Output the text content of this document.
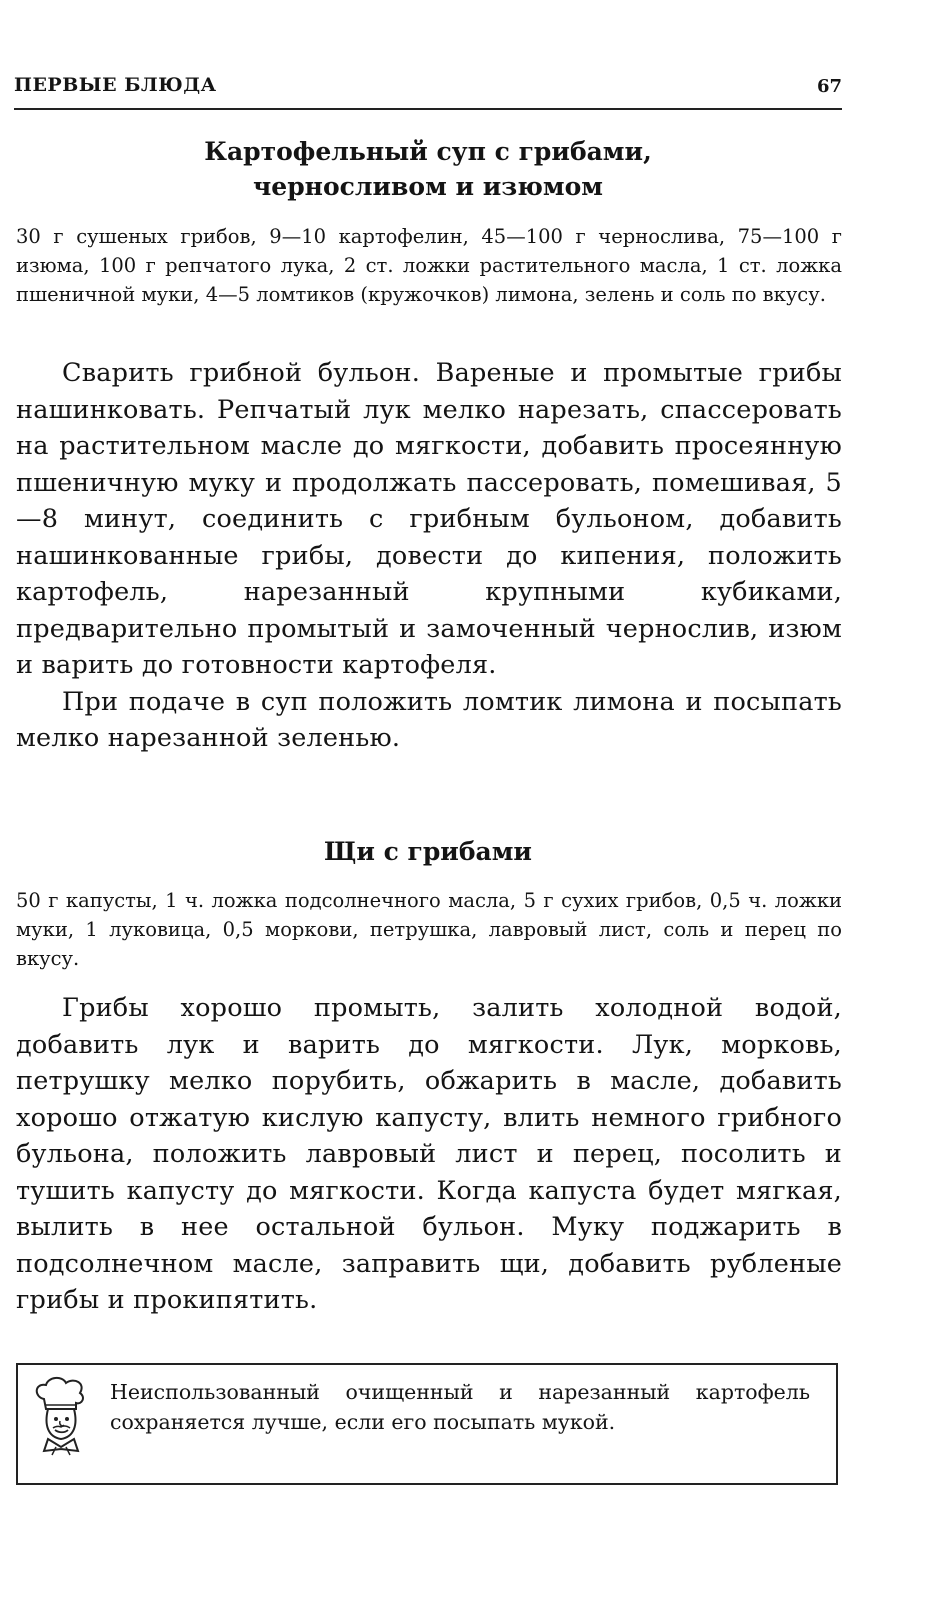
ПЕРВЫЕ БЛЮДА	67
Картофельный суп с грибами,
черносливом и изюмом
30 г сушеных грибов, 9—10 картофелин, 45—100 г чернослива, 75—100 г изюма, 100 г репчатого лука, 2 ст. ложки растительного масла, 1 ст. ложка пшеничной муки, 4—5 ломтиков (кружочков) лимона, зелень и соль по вкусу.

Сварить грибной бульон. Вареные и промытые грибы нашинковать. Репчатый лук мелко нарезать, спассеровать на растительном масле до мягкости, добавить просеянную пшеничную муку и продолжать пассеровать, помешивая, 5—8 минут, соединить с грибным бульоном, добавить нашинкованные грибы, довести до кипения, положить картофель, нарезанный крупными кубиками, предварительно промытый и замоченный чернослив, изюм и варить до готовности картофеля.

При подаче в суп положить ломтик лимона и посыпать мелко нарезанной зеленью.

Щи с грибами
50 г капусты, 1 ч. ложка подсолнечного масла, 5 г сухих грибов, 0,5 ч. ложки муки, 1 луковица, 0,5 моркови, петрушка, лавровый лист, соль и перец по вкусу.

Грибы хорошо промыть, залить холодной водой, добавить лук и варить до мягкости. Лук, морковь, петрушку мелко порубить, обжарить в масле, добавить хорошо отжатую кислую капусту, влить немного грибного бульона, положить лавровый лист и перец, посолить и тушить капусту до мягкости. Когда капуста будет мягкая, вылить в нее остальной бульон. Муку поджарить в подсолнечном масле, заправить щи, добавить рубленые грибы и прокипятить.

Неиспользованный очищенный и нарезанный картофель сохраняется лучше, если его посыпать мукой.
